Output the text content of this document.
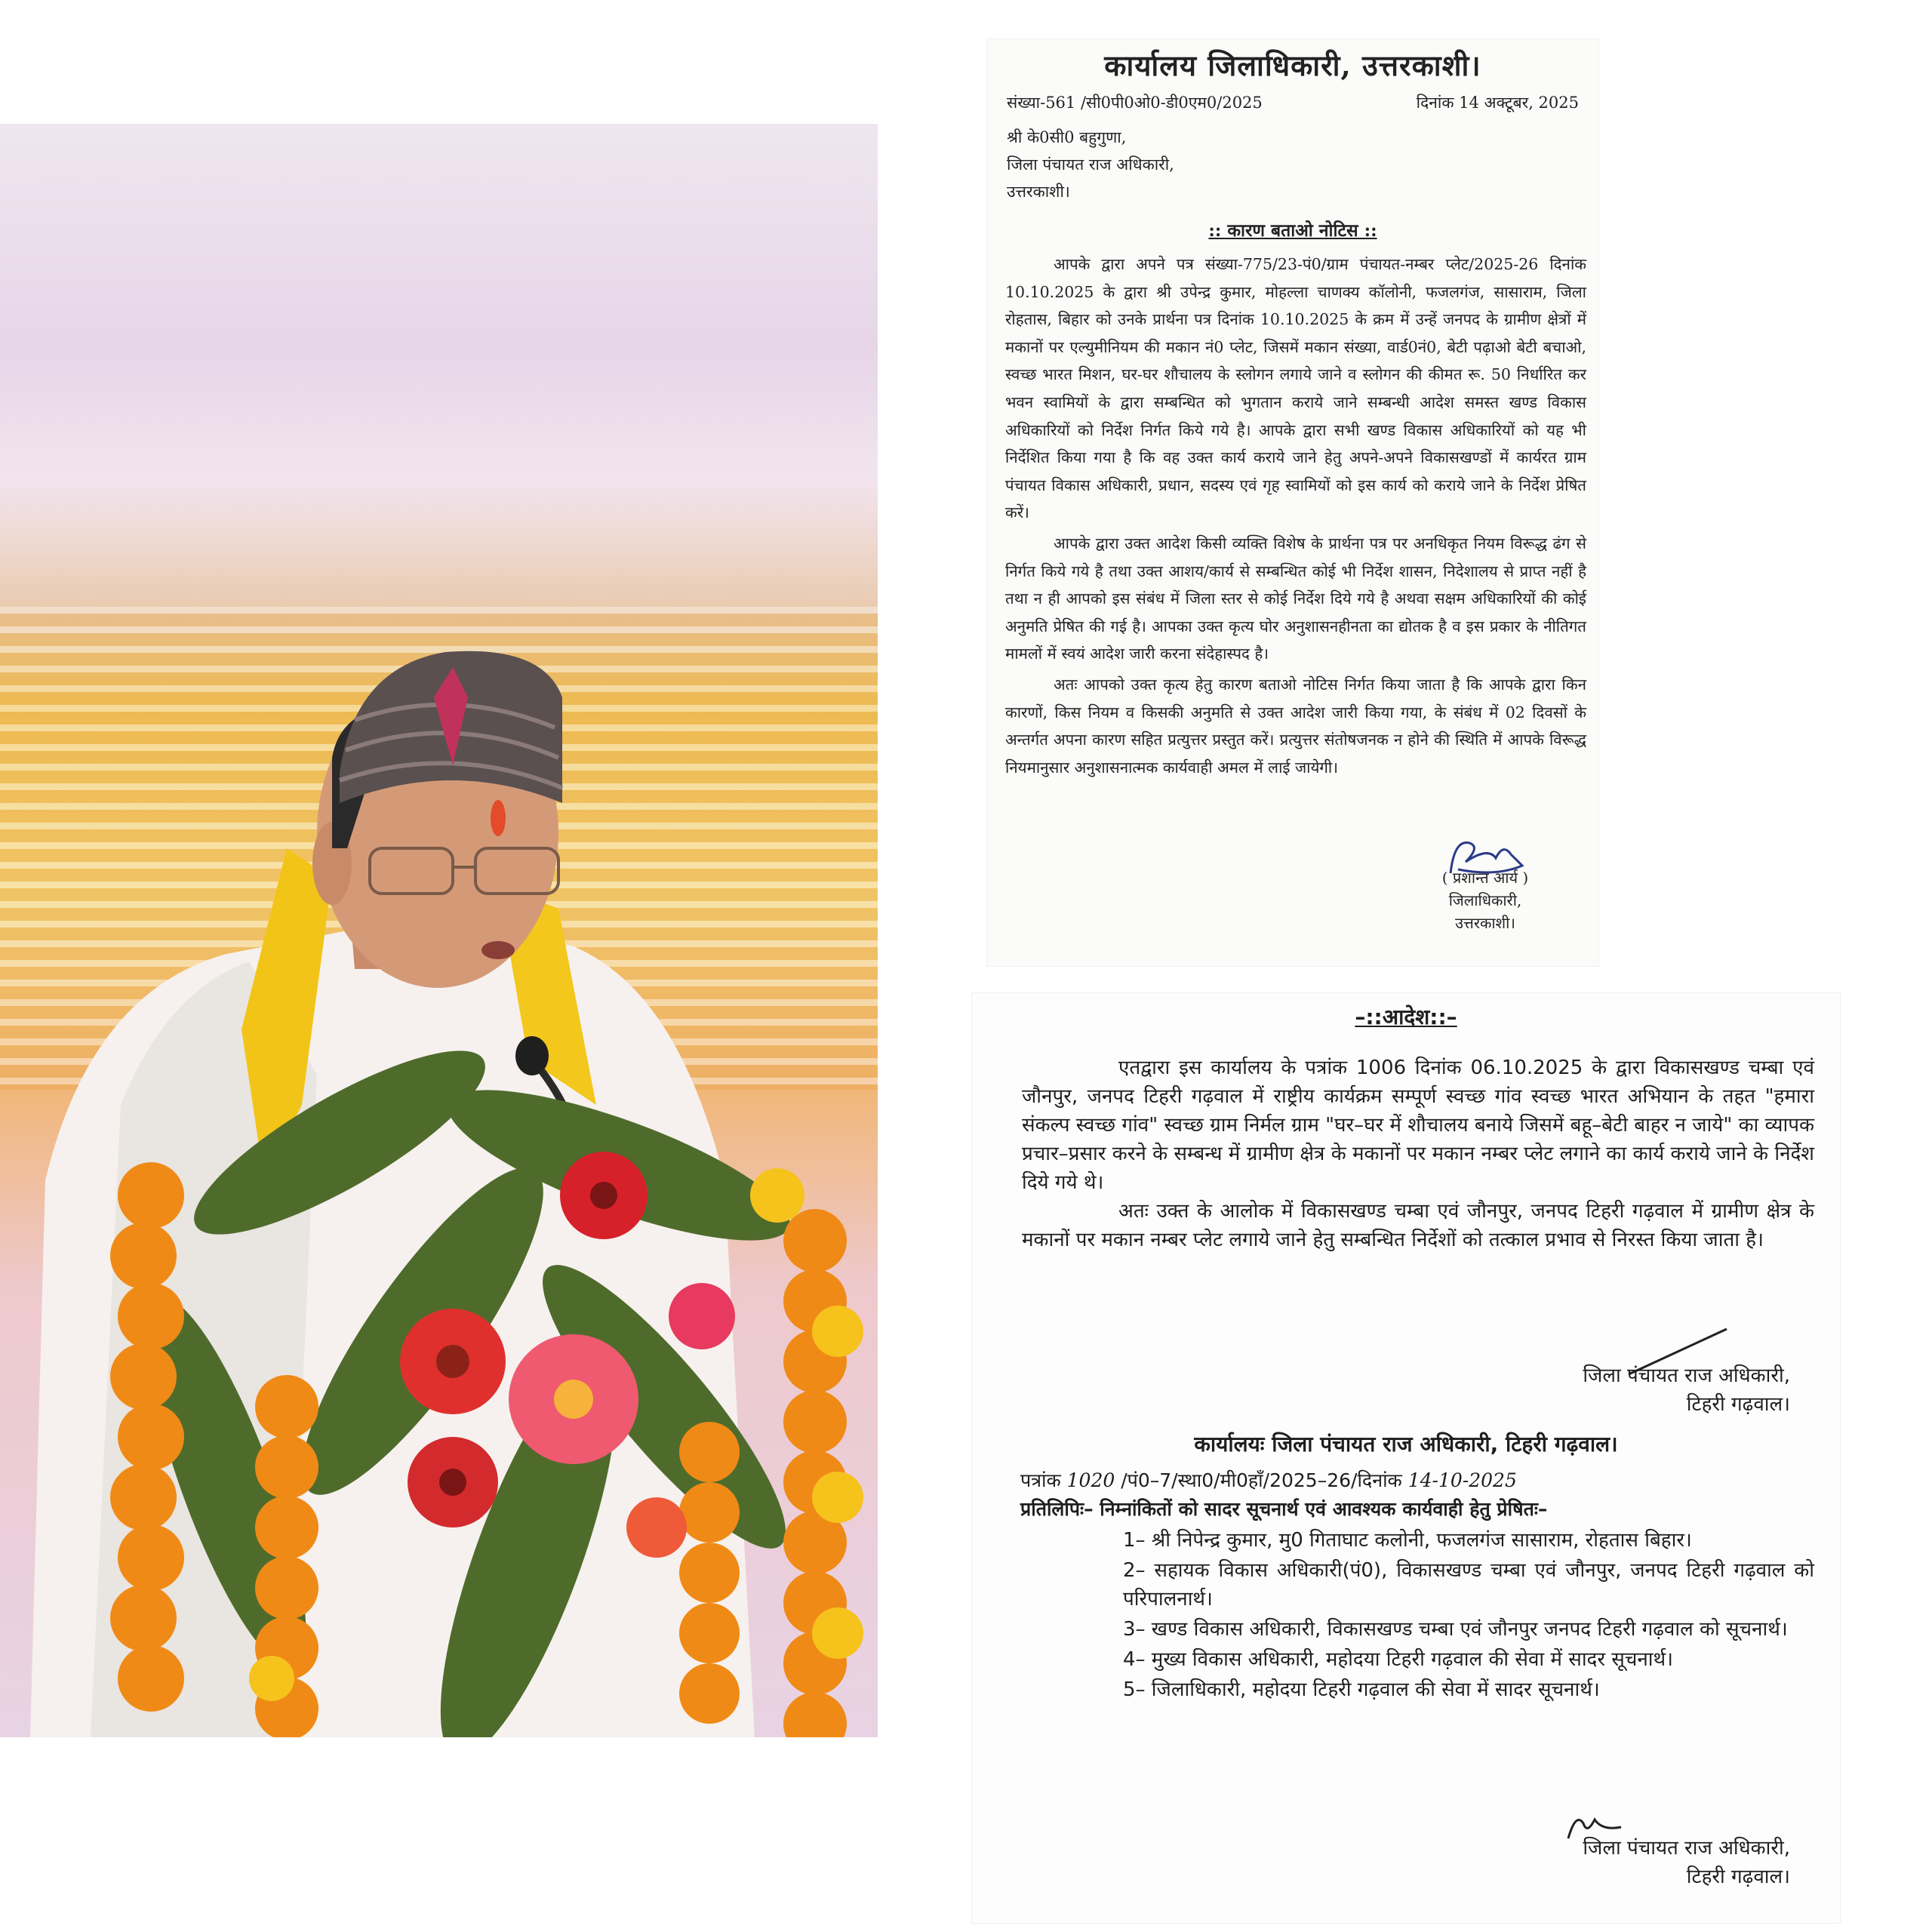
कार्यालय जिलाधिकारी, उत्तरकाशी।
संख्या-561 /सी0पी0ओ0-डी0एम0/2025	दिनांक 14 अक्टूबर, 2025
श्री के0सी0 बहुगुणा,
जिला पंचायत राज अधिकारी,
उत्तरकाशी।
:: कारण बताओ नोटिस ::

आपके द्वारा अपने पत्र संख्या-775/23-पं0/ग्राम पंचायत-नम्बर प्लेट/2025-26 दिनांक 10.10.2025 के द्वारा श्री उपेन्द्र कुमार, मोहल्ला चाणक्य कॉलोनी, फजलगंज, सासाराम, जिला रोहतास, बिहार को उनके प्रार्थना पत्र दिनांक 10.10.2025 के क्रम में उन्हें जनपद के ग्रामीण क्षेत्रों में मकानों पर एल्युमीनियम की मकान नं0 प्लेट, जिसमें मकान संख्या, वार्ड0नं0, बेटी पढ़ाओ बेटी बचाओ, स्वच्छ भारत मिशन, घर-घर शौचालय के स्लोगन लगाये जाने व स्लोगन की कीमत रू. 50 निर्धारित कर भवन स्वामियों के द्वारा सम्बन्धित को भुगतान कराये जाने सम्बन्धी आदेश समस्त खण्ड विकास अधिकारियों को निर्देश निर्गत किये गये है। आपके द्वारा सभी खण्ड विकास अधिकारियों को यह भी निर्देशित किया गया है कि वह उक्त कार्य कराये जाने हेतु अपने-अपने विकासखण्डों में कार्यरत ग्राम पंचायत विकास अधिकारी, प्रधान, सदस्य एवं गृह स्वामियों को इस कार्य को कराये जाने के निर्देश प्रेषित करें।

आपके द्वारा उक्त आदेश किसी व्यक्ति विशेष के प्रार्थना पत्र पर अनधिकृत नियम विरूद्ध ढंग से निर्गत किये गये है तथा उक्त आशय/कार्य से सम्बन्धित कोई भी निर्देश शासन, निदेशालय से प्राप्त नहीं है तथा न ही आपको इस संबंध में जिला स्तर से कोई निर्देश दिये गये है अथवा सक्षम अधिकारियों की कोई अनुमति प्रेषित की गई है। आपका उक्त कृत्य घोर अनुशासनहीनता का द्योतक है व इस प्रकार के नीतिगत मामलों में स्वयं आदेश जारी करना संदेहास्पद है।

अतः आपको उक्त कृत्य हेतु कारण बताओ नोटिस निर्गत किया जाता है कि आपके द्वारा किन कारणों, किस नियम व किसकी अनुमति से उक्त आदेश जारी किया गया, के संबंध में 02 दिवसों के अन्तर्गत अपना कारण सहित प्रत्युत्तर प्रस्तुत करें। प्रत्युत्तर संतोषजनक न होने की स्थिति में आपके विरूद्ध नियमानुसार अनुशासनात्मक कार्यवाही अमल में लाई जायेगी।

( प्रशान्त आर्य )
जिलाधिकारी,
उत्तरकाशी।
–::आदेश::–

एतद्वारा इस कार्यालय के पत्रांक 1006 दिनांक 06.10.2025 के द्वारा विकासखण्ड चम्बा एवं जौनपुर, जनपद टिहरी गढ़वाल में राष्ट्रीय कार्यक्रम सम्पूर्ण स्वच्छ गांव स्वच्छ भारत अभियान के तहत "हमारा संकल्प स्वच्छ गांव" स्वच्छ ग्राम निर्मल ग्राम "घर–घर में शौचालय बनाये जिसमें बहू–बेटी बाहर न जाये" का व्यापक प्रचार–प्रसार करने के सम्बन्ध में ग्रामीण क्षेत्र के मकानों पर मकान नम्बर प्लेट लगाने का कार्य कराये जाने के निर्देश दिये गये थे।

अतः उक्त के आलोक में विकासखण्ड चम्बा एवं जौनपुर, जनपद टिहरी गढ़वाल में ग्रामीण क्षेत्र के मकानों पर मकान नम्बर प्लेट लगाये जाने हेतु सम्बन्धित निर्देशों को तत्काल प्रभाव से निरस्त किया जाता है।

जिला पंचायत राज अधिकारी,
टिहरी गढ़वाल।
कार्यालयः जिला पंचायत राज अधिकारी, टिहरी गढ़वाल।
पत्रांक 1020 /पं0–7/स्था0/मी0हॉं/2025–26/दिनांक 14-10-2025
प्रतिलिपिः– निम्नांकितों को सादर सूचनार्थ एवं आवश्यक कार्यवाही हेतु प्रेषितः–
1– श्री निपेन्द्र कुमार, मु0 गिताघाट कलोनी, फजलगंज सासाराम, रोहतास बिहार।
2– सहायक विकास अधिकारी(पं0), विकासखण्ड चम्बा एवं जौनपुर, जनपद टिहरी गढ़वाल को परिपालनार्थ।
3– खण्ड विकास अधिकारी, विकासखण्ड चम्बा एवं जौनपुर जनपद टिहरी गढ़वाल को सूचनार्थ।
4– मुख्य विकास अधिकारी, महोदया टिहरी गढ़वाल की सेवा में सादर सूचनार्थ।
5– जिलाधिकारी, महोदया टिहरी गढ़वाल की सेवा में सादर सूचनार्थ।
जिला पंचायत राज अधिकारी,
टिहरी गढ़वाल।
